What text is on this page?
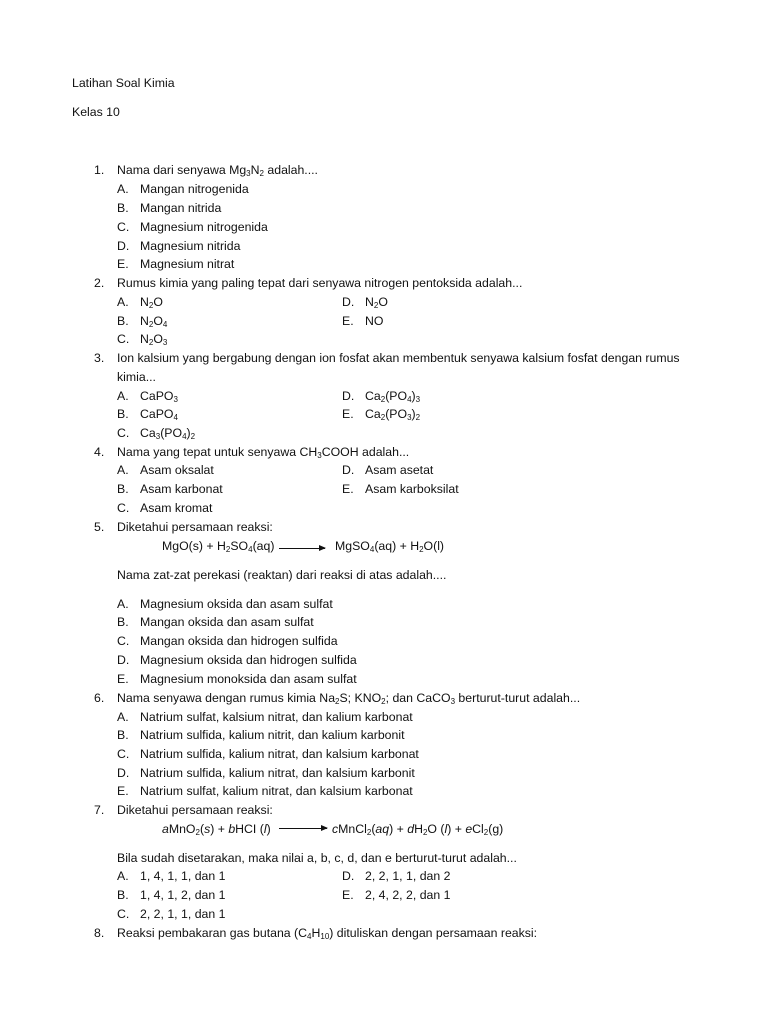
Latihan Soal Kimia
Kelas 10
1.	Nama dari senyawa $Mg_3N_2$ adalah....
A. Mangan nitrogenida
B. Mangan nitrida
C. Magnesium nitrogenida
D. Magnesium nitrida
E. Magnesium nitrat
2.	Rumus kimia yang paling tepat dari senyawa nitrogen pentoksida adalah...
A. $N_2O$	D. $N_2O$
B. $N_2O_4$	E. NO
C. $N_2O_3$
3.	Ion kalsium yang bergabung dengan ion fosfat akan membentuk senyawa kalsium fosfat dengan rumus
kimia...
A. CaPO$_3$	D. $Ca_2(PO_4)_3$
B. CaPO$_4$	E. $Ca_2(PO_3)_2$
C. $Ca_3(PO_4)_2$
4.	Nama yang tepat untuk senyawa $CH_3COOH$ adalah...
A. Asam oksalat	D. Asam asetat
B. Asam karbonat	E. Asam karboksilat
C. Asam kromat
5.	Diketahui persamaan reaksi:
$MgO(s) + H_2SO_4(aq)$ → MgSO$_4$(aq) + $H_2O(l)$
Nama zat-zat perekasi (reaktan) dari reaksi di atas adalah....
A. Magnesium oksida dan asam sulfat
B. Mangan oksida dan asam sulfat
C. Mangan oksida dan hidrogen sulfida
D. Magnesium oksida dan hidrogen sulfida
E. Magnesium monoksida dan asam sulfat
6.	Nama senyawa dengan rumus kimia $Na_2S$; $KNO_2$; dan CaCO$_3$ berturut-turut adalah...
A. Natrium sulfat, kalsium nitrat, dan kalium karbonat
B. Natrium sulfida, kalium nitrit, dan kalium karbonit
C. Natrium sulfida, kalium nitrat, dan kalsium karbonat
D. Natrium sulfida, kalium nitrat, dan kalsium karbonit
E. Natrium sulfat, kalium nitrat, dan kalsium karbonat
7.	Diketahui persamaan reaksi:
aMnO$_2$(s) + bHCI (l) → cMnCl$_2$(aq) + $dH_2O$ (l) + eCl$_2$(g)
Bila sudah disetarakan, maka nilai a, b, c, d, dan e berturut-turut adalah...
A. 1, 4, 1, 1, dan 1	D. 2, 2, 1, 1, dan 2
B. 1, 4, 1, 2, dan 1	E. 2, 4, 2, 2, dan 1
C. 2, 2, 1, 1, dan 1
8.	Reaksi pembakaran gas butana $(C_4H_{10})$ dituliskan dengan persamaan reaksi:
